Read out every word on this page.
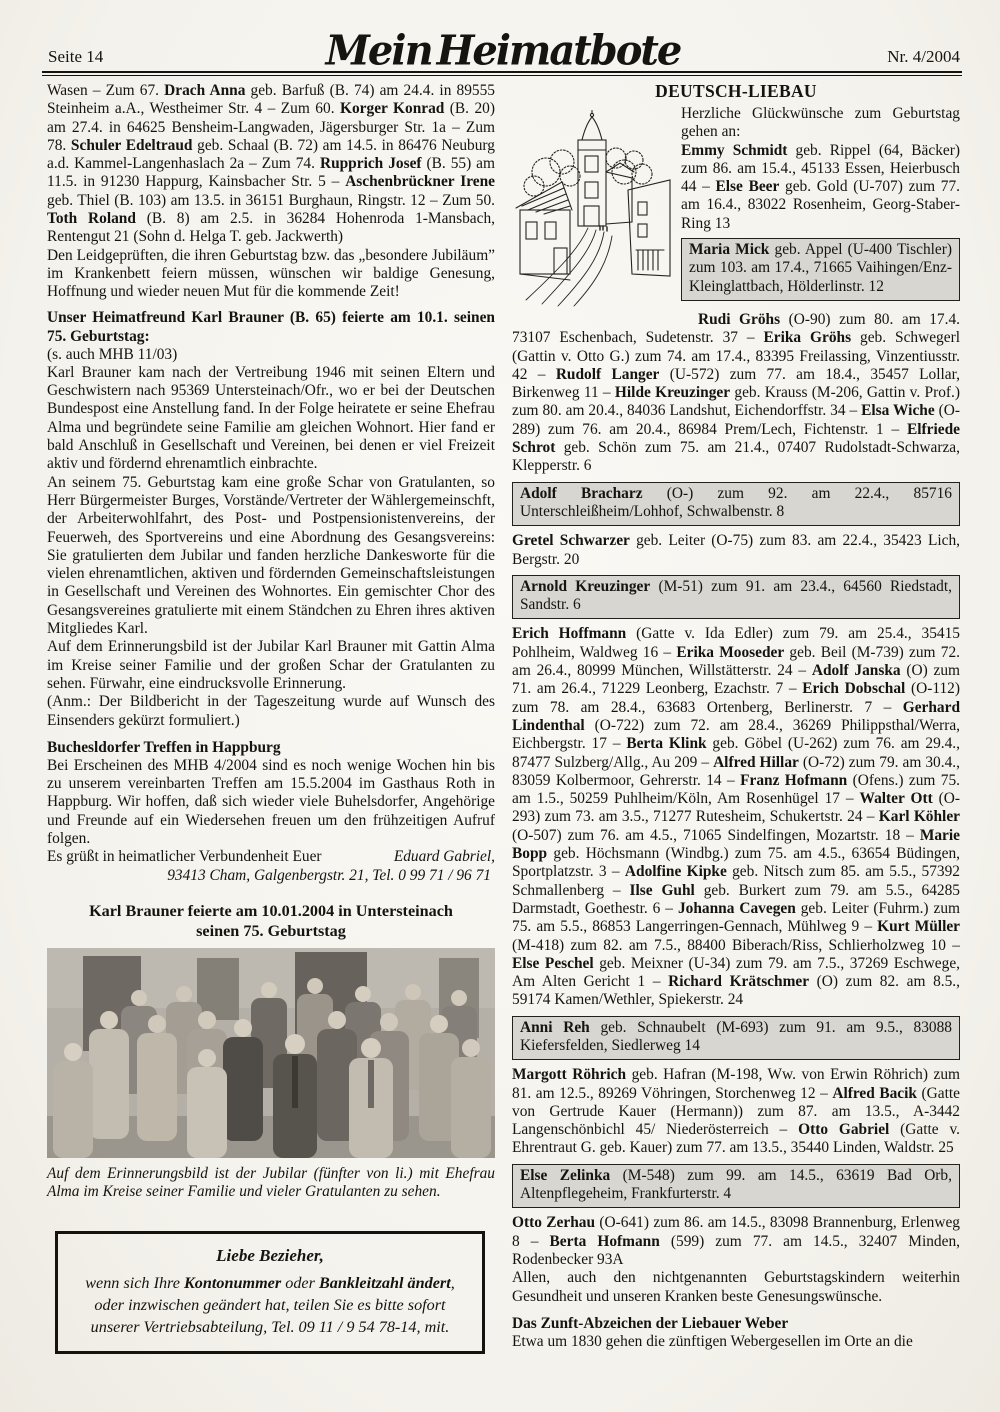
Seite 14	Mein Heimatbote	Nr. 4/2004

Wasen – Zum 67. Drach Anna geb. Barfuß (B. 74) am 24.4. in 89555 Steinheim a.A., Westheimer Str. 4 – Zum 60. Korger Konrad (B. 20) am 27.4. in 64625 Bensheim-Langwaden, Jägersburger Str. 1a – Zum 78. Schuler Edeltraud geb. Schaal (B. 72) am 14.5. in 86476 Neuburg a.d. Kammel-Langenhaslach 2a – Zum 74. Rupprich Josef (B. 55) am 11.5. in 91230 Happurg, Kainsbacher Str. 5 – Aschenbrückner Irene geb. Thiel (B. 103) am 13.5. in 36151 Burghaun, Ringstr. 12 – Zum 50. Toth Roland (B. 8) am 2.5. in 36284 Hohenroda 1-Mansbach, Rentengut 21 (Sohn d. Helga T. geb. Jackwerth)

Den Leidgeprüften, die ihren Geburtstag bzw. das „besondere Jubiläum” im Krankenbett feiern müssen, wünschen wir baldige Genesung, Hoffnung und wieder neuen Mut für die kommende Zeit!

Unser Heimatfreund Karl Brauner (B. 65) feierte am 10.1. seinen 75. Geburtstag:

(s. auch MHB 11/03)

Karl Brauner kam nach der Vertreibung 1946 mit seinen Eltern und Geschwistern nach 95369 Untersteinach/Ofr., wo er bei der Deutschen Bundespost eine Anstellung fand. In der Folge heiratete er seine Ehefrau Alma und begründete seine Familie am gleichen Wohnort. Hier fand er bald Anschluß in Gesellschaft und Vereinen, bei denen er viel Freizeit aktiv und fördernd ehrenamtlich einbrachte.

An seinem 75. Geburtstag kam eine große Schar von Gratulanten, so Herr Bürgermeister Burges, Vorstände/Vertreter der Wählergemeinschft, der Arbeiterwohlfahrt, des Post- und Postpensionistenvereins, der Feuerweh, des Sportvereins und eine Abordnung des Gesangsvereins: Sie gratulierten dem Jubilar und fanden herzliche Dankesworte für die vielen ehrenamtlichen, aktiven und fördernden Gemeinschaftsleistungen in Gesellschaft und Vereinen des Wohnortes. Ein gemischter Chor des Gesangsvereines gratulierte mit einem Ständchen zu Ehren ihres aktiven Mitgliedes Karl.

Auf dem Erinnerungsbild ist der Jubilar Karl Brauner mit Gattin Alma im Kreise seiner Familie und der großen Schar der Gratulanten zu sehen. Fürwahr, eine eindrucksvolle Erinnerung.

(Anm.: Der Bildbericht in der Tageszeitung wurde auf Wunsch des Einsenders gekürzt formuliert.)

Buchesldorfer Treffen in Happburg

Bei Erscheinen des MHB 4/2004 sind es noch wenige Wochen hin bis zu unserem vereinbarten Treffen am 15.5.2004 im Gasthaus Roth in Happburg. Wir hoffen, daß sich wieder viele Buhelsdorfer, Angehörige und Freunde auf ein Wiedersehen freuen um den frühzeitigen Aufruf folgen.

Es grüßt in heimatlicher Verbundenheit Euer	Eduard Gabriel,
93413 Cham, Galgenbergstr. 21, Tel. 0 99 71 / 96 71
Karl Brauner feierte am 10.01.2004 in Untersteinach
seinen 75. Geburtstag

Auf dem Erinnerungsbild ist der Jubilar (fünfter von li.) mit Ehefrau Alma im Kreise seiner Familie und vieler Gratulanten zu sehen.

Liebe Bezieher,
wenn sich Ihre Kontonummer oder Bankleitzahl ändert,
oder inzwischen geändert hat, teilen Sie es bitte sofort
unserer Vertriebsabteilung, Tel. 09 11 / 9 54 78-14, mit.
DEUTSCH-LIEBAU

Herzliche Glückwünsche zum Geburtstag gehen an:

Emmy Schmidt geb. Rippel (64, Bäcker) zum 86. am 15.4., 45133 Essen, Heierbusch 44 – Else Beer geb. Gold (U-707) zum 77. am 16.4., 83022 Rosenheim, Georg-Staber-Ring 13

Maria Mick geb. Appel (U-400 Tischler) zum 103. am 17.4., 71665 Vaihingen/Enz-Kleinglattbach, Hölderlinstr. 12

Rudi Gröhs (O-90) zum 80. am 17.4. 73107 Eschenbach, Sudetenstr. 37 – Erika Gröhs geb. Schwegerl (Gattin v. Otto G.) zum 74. am 17.4., 83395 Freilassing, Vinzentiusstr. 42 – Rudolf Langer (U-572) zum 77. am 18.4., 35457 Lollar, Birkenweg 11 – Hilde Kreuzinger geb. Krauss (M-206, Gattin v. Prof.) zum 80. am 20.4., 84036 Landshut, Eichendorffstr. 34 – Elsa Wiche (O-289) zum 76. am 20.4., 86984 Prem/Lech, Fichtenstr. 1 – Elfriede Schrot geb. Schön zum 75. am 21.4., 07407 Rudolstadt-Schwarza, Klepperstr. 6

Adolf Bracharz (O-) zum 92. am 22.4., 85716 Unterschleißheim/Lohhof, Schwalbenstr. 8

Gretel Schwarzer geb. Leiter (O-75) zum 83. am 22.4., 35423 Lich, Bergstr. 20

Arnold Kreuzinger (M-51) zum 91. am 23.4., 64560 Riedstadt, Sandstr. 6

Erich Hoffmann (Gatte v. Ida Edler) zum 79. am 25.4., 35415 Pohlheim, Waldweg 16 – Erika Mooseder geb. Beil (M-739) zum 72. am 26.4., 80999 München, Willstätterstr. 24 – Adolf Janska (O) zum 71. am 26.4., 71229 Leonberg, Ezachstr. 7 – Erich Dobschal (O-112) zum 78. am 28.4., 63683 Ortenberg, Berlinerstr. 7 – Gerhard Lindenthal (O-722) zum 72. am 28.4., 36269 Philippsthal/Werra, Eichbergstr. 17 – Berta Klink geb. Göbel (U-262) zum 76. am 29.4., 87477 Sulzberg/Allg., Au 209 – Alfred Hillar (O-72) zum 79. am 30.4., 83059 Kolbermoor, Gehrerstr. 14 – Franz Hofmann (Ofens.) zum 75. am 1.5., 50259 Puhlheim/Köln, Am Rosenhügel 17 – Walter Ott (O-293) zum 73. am 3.5., 71277 Rutesheim, Schukertstr. 24 – Karl Köhler (O-507) zum 76. am 4.5., 71065 Sindelfingen, Mozartstr. 18 – Marie Bopp geb. Höchsmann (Windbg.) zum 75. am 4.5., 63654 Büdingen, Sportplatzstr. 3 – Adolfine Kipke geb. Nitsch zum 85. am 5.5., 57392 Schmallenberg – Ilse Guhl geb. Burkert zum 79. am 5.5., 64285 Darmstadt, Goethestr. 6 – Johanna Cavegen geb. Leiter (Fuhrm.) zum 75. am 5.5., 86853 Langerringen-Gennach, Mühlweg 9 – Kurt Müller (M-418) zum 82. am 7.5., 88400 Biberach/Riss, Schlierholzweg 10 – Else Peschel geb. Meixner (U-34) zum 79. am 7.5., 37269 Eschwege, Am Alten Gericht 1 – Richard Krätschmer (O) zum 82. am 8.5., 59174 Kamen/Wethler, Spiekerstr. 24

Anni Reh geb. Schnaubelt (M-693) zum 91. am 9.5., 83088 Kiefersfelden, Siedlerweg 14

Margott Röhrich geb. Hafran (M-198, Ww. von Erwin Röhrich) zum 81. am 12.5., 89269 Vöhringen, Storchenweg 12 – Alfred Bacik (Gatte von Gertrude Kauer (Hermann)) zum 87. am 13.5., A-3442 Langenschönbichl 45/ Niederösterreich – Otto Gabriel (Gatte v. Ehrentraut G. geb. Kauer) zum 77. am 13.5., 35440 Linden, Waldstr. 25

Else Zelinka (M-548) zum 99. am 14.5., 63619 Bad Orb, Altenpflegeheim, Frankfurterstr. 4

Otto Zerhau (O-641) zum 86. am 14.5., 83098 Brannenburg, Erlenweg 8 – Berta Hofmann (599) zum 77. am 14.5., 32407 Minden, Rodenbecker 93A

Allen, auch den nichtgenannten Geburtstagskindern weiterhin Gesundheit und unseren Kranken beste Genesungswünsche.

Das Zunft-Abzeichen der Liebauer Weber

Etwa um 1830 gehen die zünftigen Webergesellen im Orte an die
